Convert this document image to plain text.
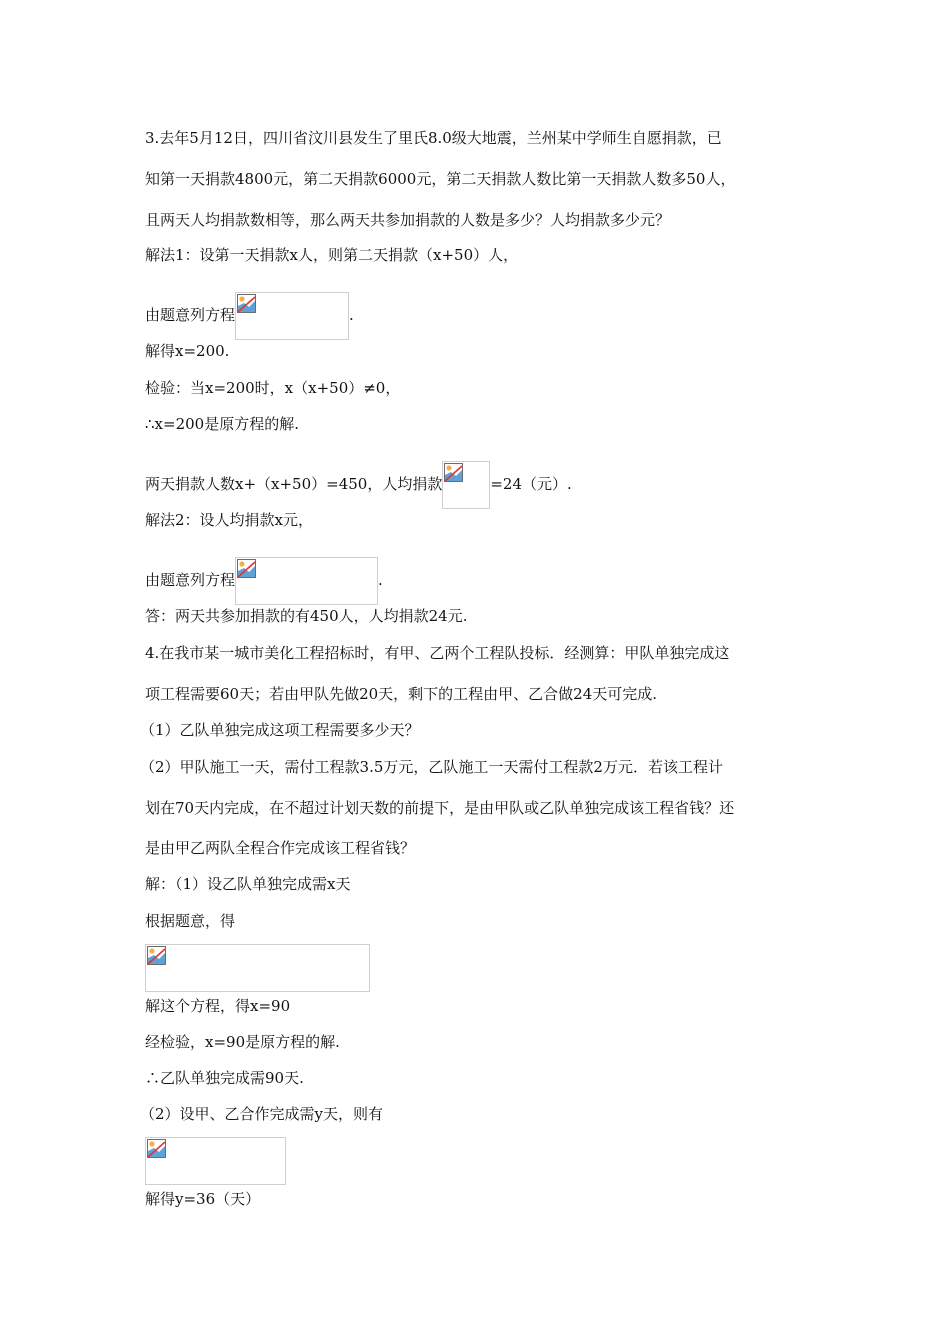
3.去年5月12日，四川省汶川县发生了里氏8.0级大地震，兰州某中学师生自愿捐款，已
知第一天捐款4800元，第二天捐款6000元，第二天捐款人数比第一天捐款人数多50人，
且两天人均捐款数相等，那么两天共参加捐款的人数是多少？人均捐款多少元？
解法1：设第一天捐款x人，则第二天捐款（x+50）人，
由题意列方程	.
解得x=200.
检验：当x=200时，x（x+50）≠0，
∴x=200是原方程的解.
两天捐款人数x+（x+50）=450，人均捐款	=24（元）.
解法2：设人均捐款x元，
由题意列方程	.
答：两天共参加捐款的有450人，人均捐款24元.
4.在我市某一城市美化工程招标时，有甲、乙两个工程队投标．经测算：甲队单独完成这
项工程需要60天；若由甲队先做20天，剩下的工程由甲、乙合做24天可完成.
（1）乙队单独完成这项工程需要多少天？
（2）甲队施工一天，需付工程款3.5万元，乙队施工一天需付工程款2万元．若该工程计
划在70天内完成，在不超过计划天数的前提下，是由甲队或乙队单独完成该工程省钱？还
是由甲乙两队全程合作完成该工程省钱？
解：（1）设乙队单独完成需x天
根据题意，得
解这个方程，得x=90
经检验，x=90是原方程的解.
∴乙队单独完成需90天.
（2）设甲、乙合作完成需y天，则有
解得y=36（天）
